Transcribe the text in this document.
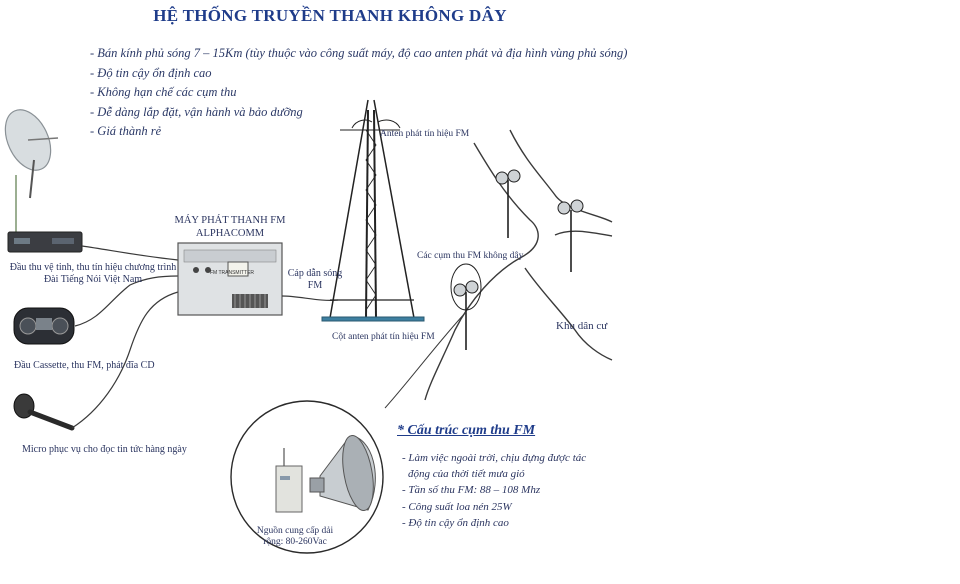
FM TRANSMITTER
HỆ THỐNG TRUYỀN THANH KHÔNG DÂY
- Bán kính phủ sóng 7 – 15Km (tùy thuộc vào công suất máy, độ cao anten phát và địa hình vùng phủ sóng)
- Độ tin cậy ổn định cao
- Không hạn chế các cụm thu
- Dễ dàng lắp đặt, vận hành và bảo dưỡng
- Giá thành rẻ
Đầu thu vệ tinh, thu tín hiệu chương trình
Đài Tiếng Nói Việt Nam
Đầu Cassette, thu FM, phát đĩa CD
Micro phục vụ cho đọc tin tức hàng ngày
MÁY PHÁT THANH FM
ALPHACOMM
Cáp dẫn sóng
FM
Anten phát tín hiệu FM
Cột anten phát tín hiệu FM
Các cụm thu FM không dây
Khu dân cư
Nguồn cung cấp dải
rộng: 80-260Vac
* Cấu trúc cụm thu FM
- Làm việc ngoài trời, chịu đựng được tác
động của thời tiết mưa gió
- Tần số thu FM: 88 – 108 Mhz
- Công suất loa nén 25W
- Độ tin cậy ổn định cao
